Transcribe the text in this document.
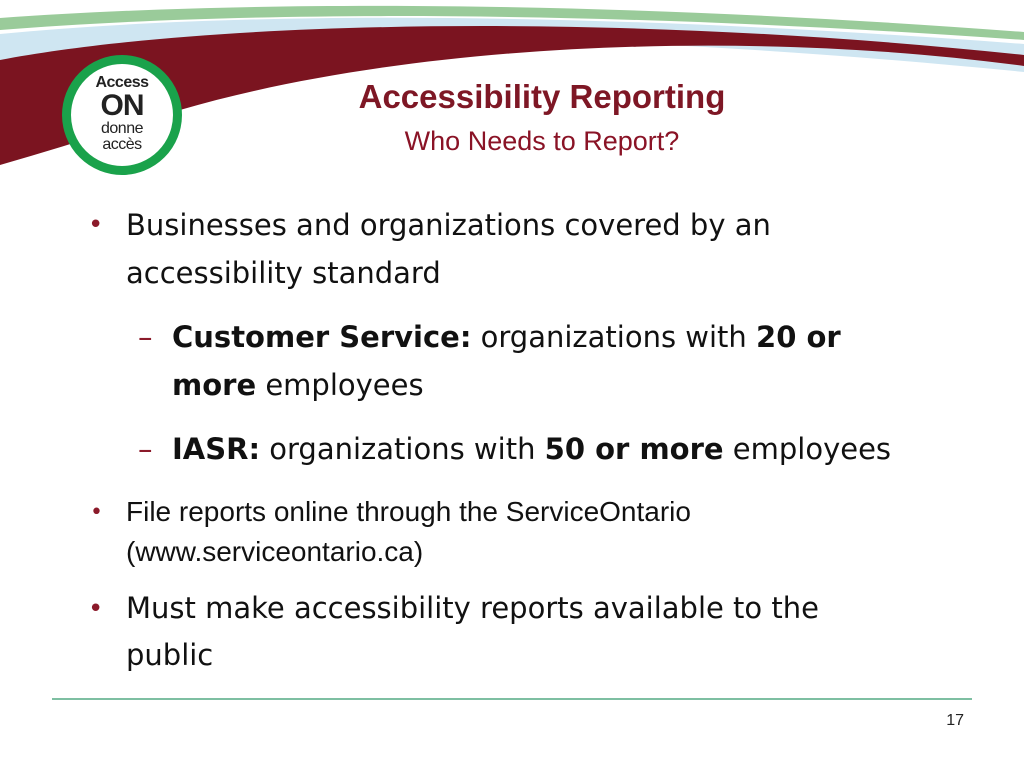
Access
ON
donne
accès
Accessibility Reporting
Who Needs to Report?
• Businesses and organizations covered by an
accessibility standard
– Customer Service: organizations with 20 or
more employees
– IASR: organizations with 50 or more employees
• File reports online through the ServiceOntario
(www.serviceontario.ca)
• Must make accessibility reports available to the
public
17
